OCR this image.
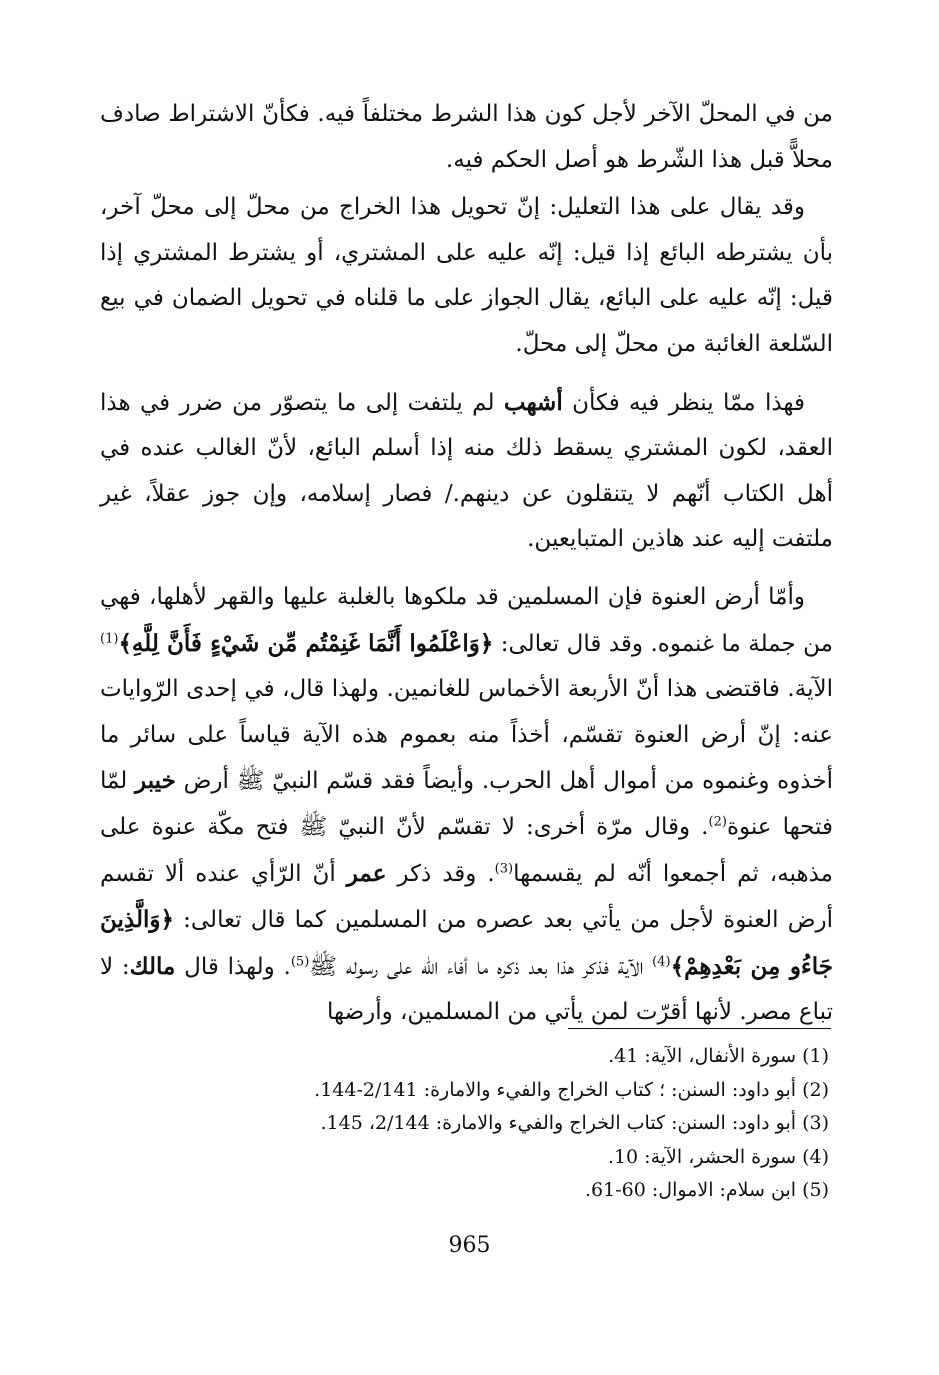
من في المحلّ الآخر لأجل كون هذا الشرط مختلفاً فيه. فكأنّ الاشتراط صادف محلاًّ قبل هذا الشّرط هو أصل الحكم فيه.

وقد يقال على هذا التعليل: إنّ تحويل هذا الخراج من محلّ إلى محلّ آخر، بأن يشترطه البائع إذا قيل: إنّه عليه على المشتري، أو يشترط المشتري إذا قيل: إنّه عليه على البائع، يقال الجواز على ما قلناه في تحويل الضمان في بيع السّلعة الغائبة من محلّ إلى محلّ.

فهذا ممّا ينظر فيه فكأن أشهب لم يلتفت إلى ما يتصوّر من ضرر في هذا العقد، لكون المشتري يسقط ذلك منه إذا أسلم البائع، لأنّ الغالب عنده في أهل الكتاب أنّهم لا يتنقلون عن دينهم./ فصار إسلامه، وإن جوز عقلاً، غير ملتفت إليه عند هاذين المتبايعين.

وأمّا أرض العنوة فإن المسلمين قد ملكوها بالغلبة عليها والقهر لأهلها، فهي من جملة ما غنموه. وقد قال تعالى: ﴿وَاعْلَمُوا أَنَّمَا غَنِمْتُم مِّن شَيْءٍ فَأَنَّ لِلَّهِ﴾$^{(1)}$ الآية. فاقتضى هذا أنّ الأربعة الأخماس للغانمين. ولهذا قال، في إحدى الرّوايات عنه: إنّ أرض العنوة تقسّم، أخذاً منه بعموم هذه الآية قياساً على سائر ما أخذوه وغنموه من أموال أهل الحرب. وأيضاً فقد قسّم النبيّ ﷺ أرض خيبر لمّا فتحها عنوة$^{(2)}$. وقال مرّة أخرى: لا تقسّم لأنّ النبيّ ﷺ فتح مكّة عنوة على مذهبه، ثم أجمعوا أنّه لم يقسمها$^{(3)}$. وقد ذكر عمر أنّ الرّأي عنده ألا تقسم أرض العنوة لأجل من يأتي بعد عصره من المسلمين كما قال تعالى: ﴿وَالَّذِينَ جَاءُو مِن بَعْدِهِمْ﴾$^{(4)}$ الآية فذكر هذا بعد ذكره ما أفاء الله على رسوله ﷺ$^{(5)}$. ولهذا قال مالك: لا تباع مصر. لأنها أقرّت لمن يأتي من المسلمين، وأرضها

(1) سورة الأنفال، الآية: 41.
(2) أبو داود: السنن: ؛ كتاب الخراج والفيء والامارة: 2/141-144.
(3) أبو داود: السنن: كتاب الخراج والفيء والامارة: 2/144، 145.
(4) سورة الحشر، الآية: 10.
(5) ابن سلام: الاموال: 60-61.
965
